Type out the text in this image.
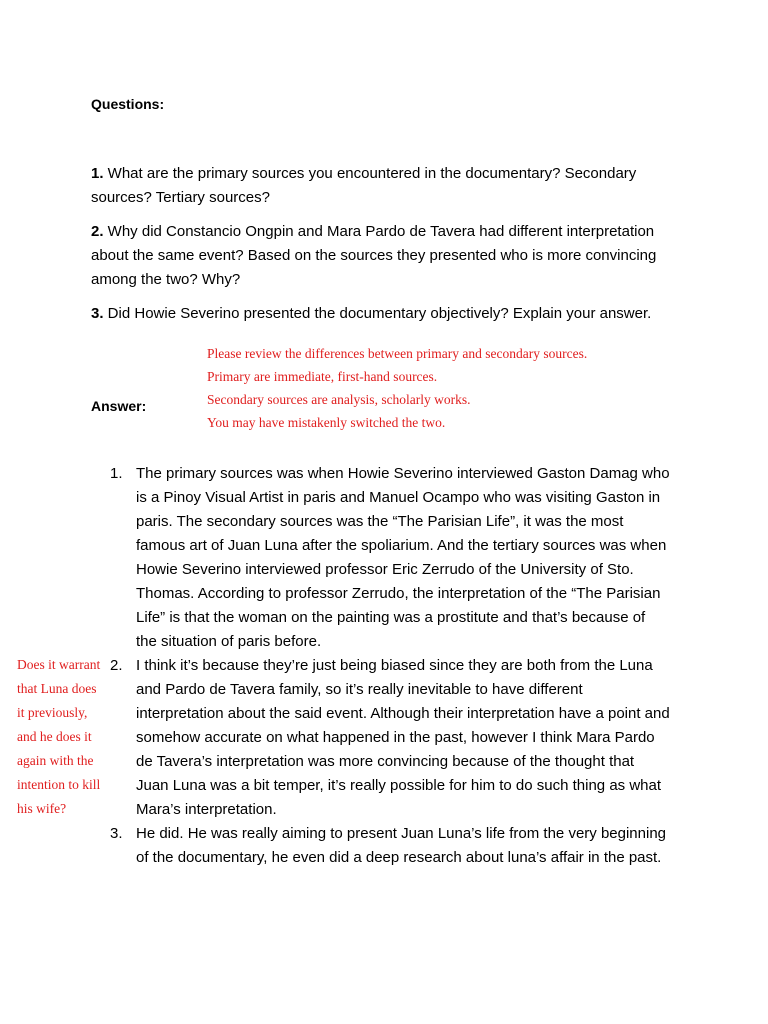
Questions:
1. What are the primary sources you encountered in the documentary? Secondary sources? Tertiary sources?
2. Why did Constancio Ongpin and Mara Pardo de Tavera had different interpretation about the same event? Based on the sources they presented who is more convincing among the two? Why?
3. Did Howie Severino presented the documentary objectively? Explain your answer.
Answer:
Please review the differences between primary and secondary sources.
Primary are immediate, first-hand sources.
Secondary sources are analysis, scholarly works.
You may have mistakenly switched the two.
1. The primary sources was when Howie Severino interviewed Gaston Damag who is a Pinoy Visual Artist in paris and Manuel Ocampo who was visiting Gaston in paris. The secondary sources was the “The Parisian Life”, it was the most famous art of Juan Luna after the spoliarium. And the tertiary sources was when Howie Severino interviewed professor Eric Zerrudo of the University of Sto. Thomas. According to professor Zerrudo, the interpretation of the “The Parisian Life” is that the woman on the painting was a prostitute and that’s because of the situation of paris before.
2. I think it’s because they’re just being biased since they are both from the Luna and Pardo de Tavera family, so it’s really inevitable to have different interpretation about the said event. Although their interpretation have a point and somehow accurate on what happened in the past, however I think Mara Pardo de Tavera’s interpretation was more convincing because of the thought that Juan Luna was a bit temper, it’s really possible for him to do such thing as what Mara’s interpretation.
3. He did. He was really aiming to present Juan Luna’s life from the very beginning of the documentary, he even did a deep research about luna’s affair in the past.
Does it warrant
that Luna does
it previously,
and he does it
again with the
intention to kill
his wife?
